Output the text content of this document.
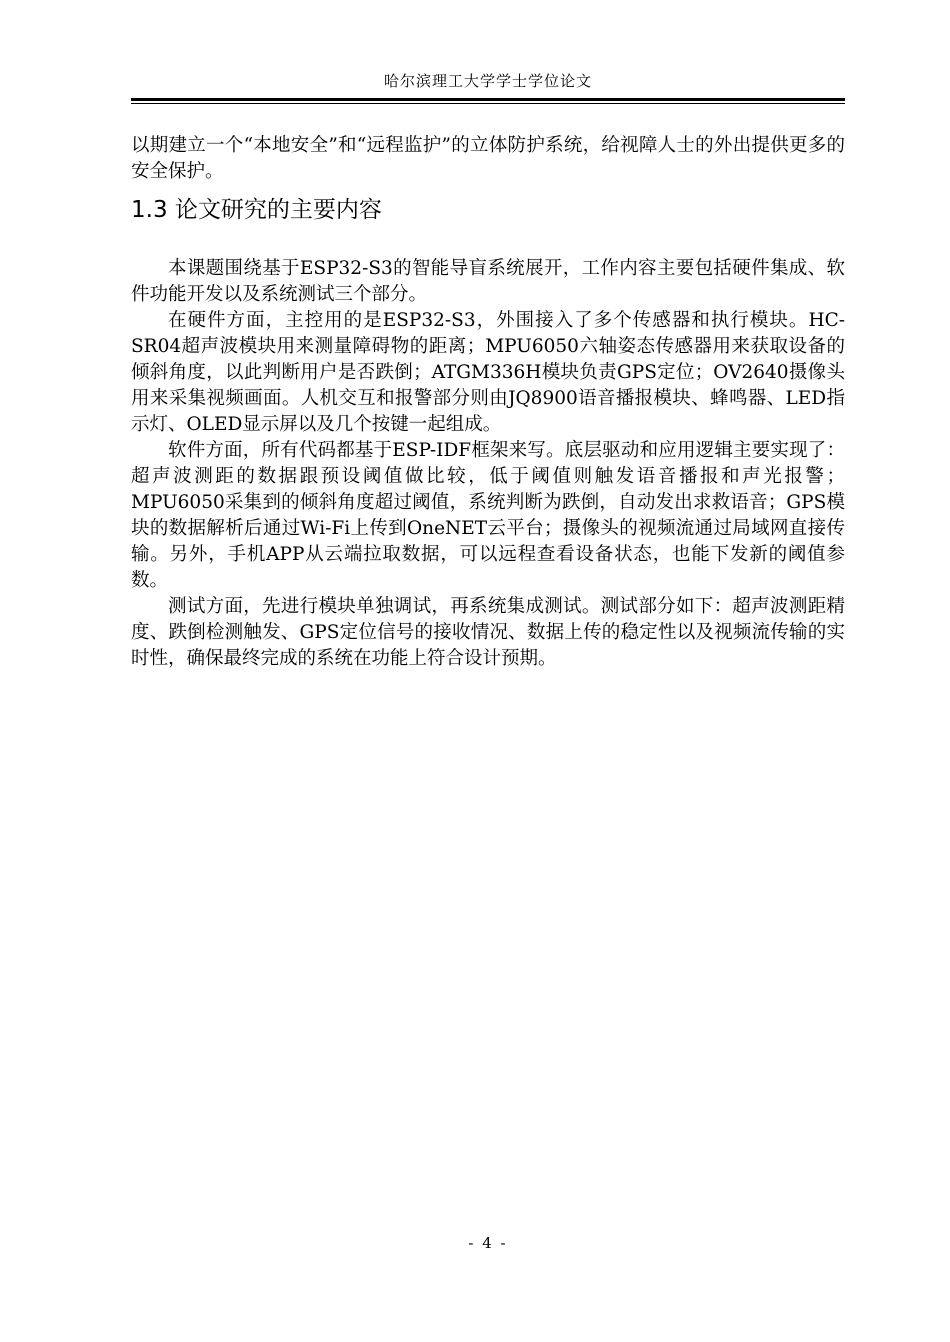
哈尔滨理工大学学士学位论文

以期建立一个“本地安全”和“远程监护”的立体防护系统，给视障人士的外出提供更多的安全保护。

1.3 论文研究的主要内容

本课题围绕基于ESP32-S3的智能导盲系统展开，工作内容主要包括硬件集成、软件功能开发以及系统测试三个部分。

在硬件方面，主控用的是ESP32-S3，外围接入了多个传感器和执行模块。HC-SR04超声波模块用来测量障碍物的距离；MPU6050六轴姿态传感器用来获取设备的倾斜角度，以此判断用户是否跌倒；ATGM336H模块负责GPS定位；OV2640摄像头用来采集视频画面。人机交互和报警部分则由JQ8900语音播报模块、蜂鸣器、LED指示灯、OLED显示屏以及几个按键一起组成。

软件方面，所有代码都基于ESP-IDF框架来写。底层驱动和应用逻辑主要实现了：超声波测距的数据跟预设阈值做比较，低于阈值则触发语音播报和声光报警；MPU6050采集到的倾斜角度超过阈值，系统判断为跌倒，自动发出求救语音；GPS模块的数据解析后通过Wi-Fi上传到OneNET云平台；摄像头的视频流通过局域网直接传输。另外，手机APP从云端拉取数据，可以远程查看设备状态，也能下发新的阈值参数。

测试方面，先进行模块单独调试，再系统集成测试。测试部分如下：超声波测距精度、跌倒检测触发、GPS定位信号的接收情况、数据上传的稳定性以及视频流传输的实时性，确保最终完成的系统在功能上符合设计预期。

- 4 -
